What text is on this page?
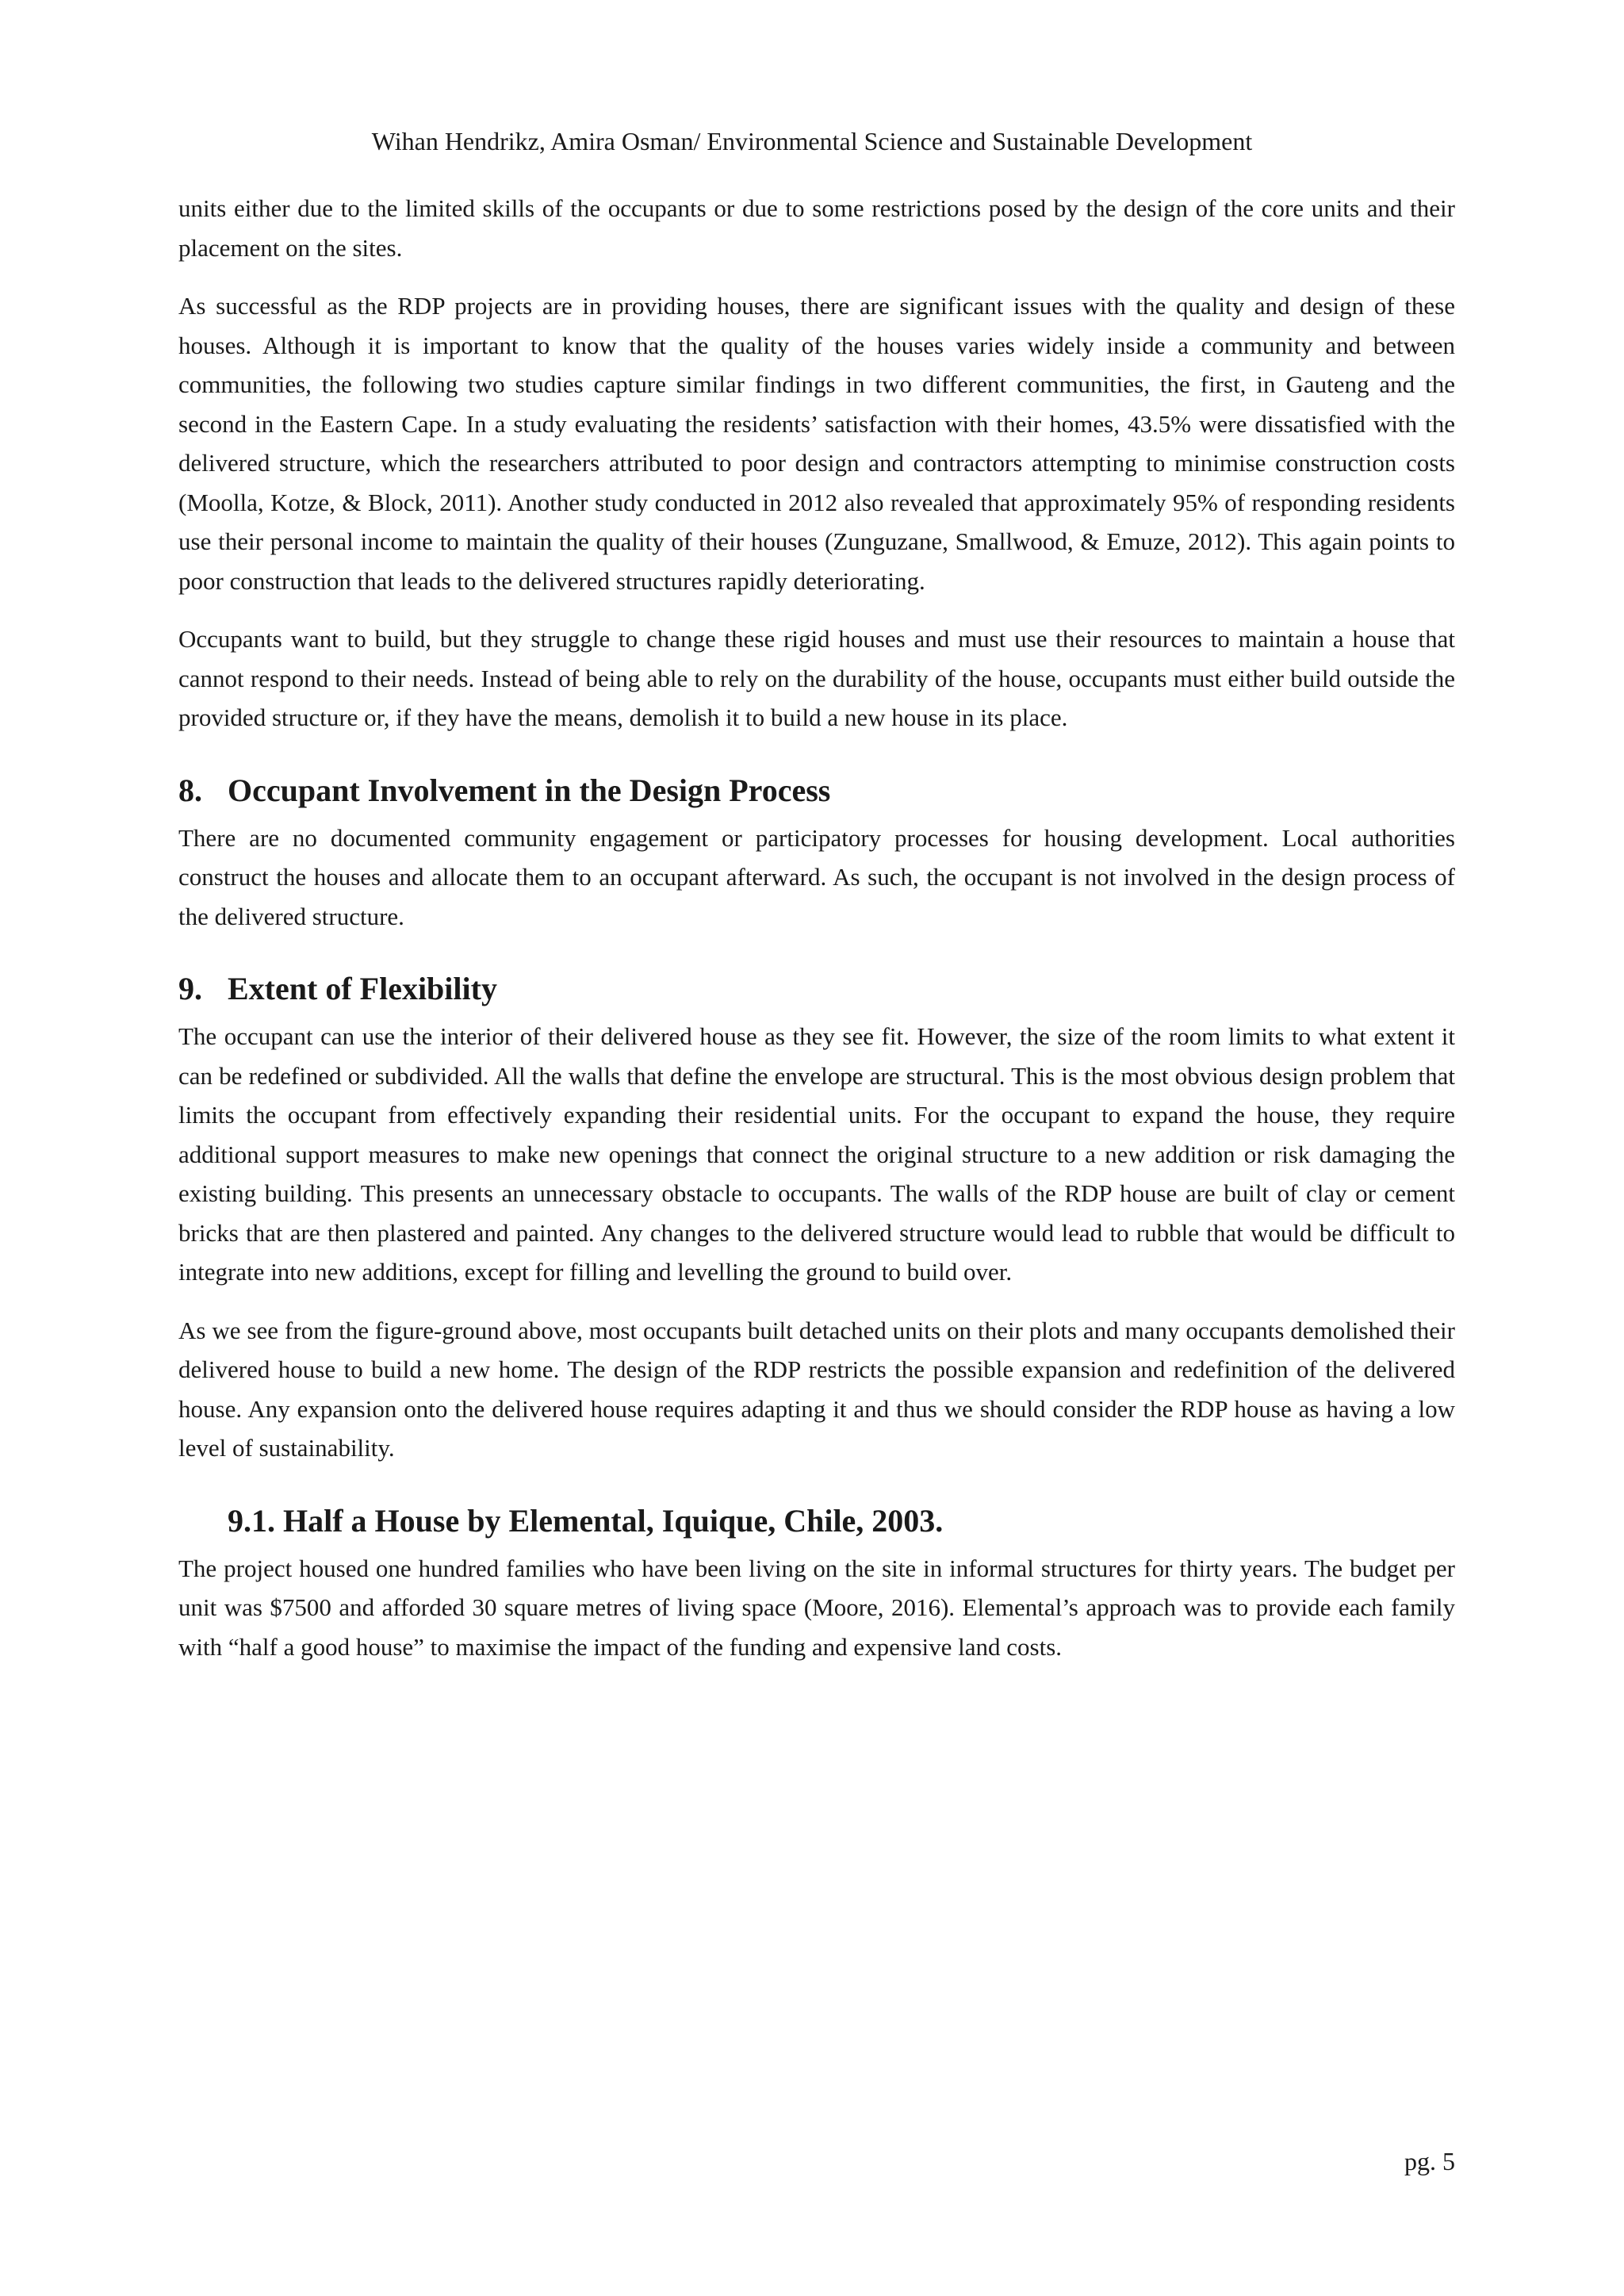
Wihan Hendrikz, Amira Osman/ Environmental Science and Sustainable Development

units either due to the limited skills of the occupants or due to some restrictions posed by the design of the core units and their placement on the sites.

As successful as the RDP projects are in providing houses, there are significant issues with the quality and design of these houses. Although it is important to know that the quality of the houses varies widely inside a community and between communities, the following two studies capture similar findings in two different communities, the first, in Gauteng and the second in the Eastern Cape. In a study evaluating the residents’ satisfaction with their homes, 43.5% were dissatisfied with the delivered structure, which the researchers attributed to poor design and contractors attempting to minimise construction costs (Moolla, Kotze, & Block, 2011). Another study conducted in 2012 also revealed that approximately 95% of responding residents use their personal income to maintain the quality of their houses (Zunguzane, Smallwood, & Emuze, 2012). This again points to poor construction that leads to the delivered structures rapidly deteriorating.

Occupants want to build, but they struggle to change these rigid houses and must use their resources to maintain a house that cannot respond to their needs. Instead of being able to rely on the durability of the house, occupants must either build outside the provided structure or, if they have the means, demolish it to build a new house in its place.

8. Occupant Involvement in the Design Process

There are no documented community engagement or participatory processes for housing development. Local authorities construct the houses and allocate them to an occupant afterward. As such, the occupant is not involved in the design process of the delivered structure.

9. Extent of Flexibility

The occupant can use the interior of their delivered house as they see fit. However, the size of the room limits to what extent it can be redefined or subdivided. All the walls that define the envelope are structural. This is the most obvious design problem that limits the occupant from effectively expanding their residential units. For the occupant to expand the house, they require additional support measures to make new openings that connect the original structure to a new addition or risk damaging the existing building. This presents an unnecessary obstacle to occupants. The walls of the RDP house are built of clay or cement bricks that are then plastered and painted. Any changes to the delivered structure would lead to rubble that would be difficult to integrate into new additions, except for filling and levelling the ground to build over.

As we see from the figure-ground above, most occupants built detached units on their plots and many occupants demolished their delivered house to build a new home. The design of the RDP restricts the possible expansion and redefinition of the delivered house. Any expansion onto the delivered house requires adapting it and thus we should consider the RDP house as having a low level of sustainability.

9.1. Half a House by Elemental, Iquique, Chile, 2003.

The project housed one hundred families who have been living on the site in informal structures for thirty years. The budget per unit was $7500 and afforded 30 square metres of living space (Moore, 2016). Elemental’s approach was to provide each family with “half a good house” to maximise the impact of the funding and expensive land costs.

pg. 5
